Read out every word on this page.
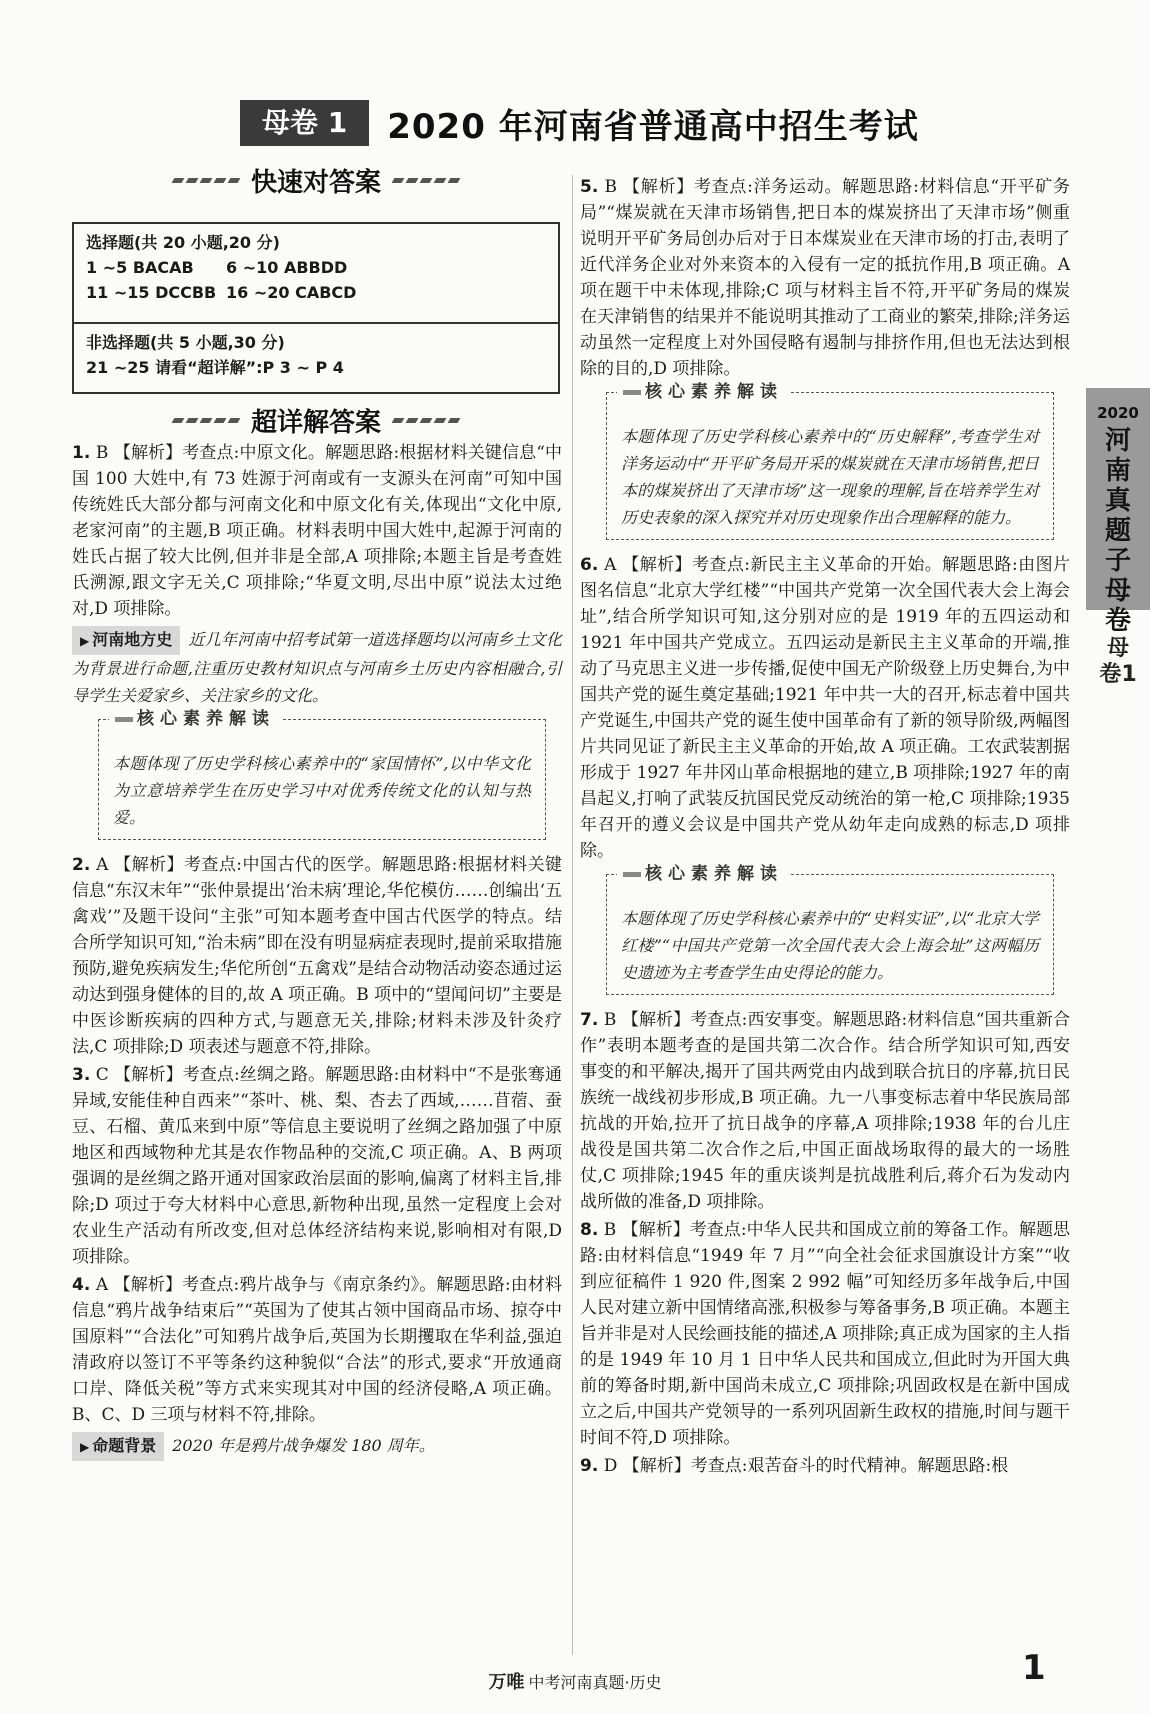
母卷 1	2020 年河南省普通高中招生考试
快速对答案
选择题(共 20 小题,20 分)
1 ~5 BACAB 6 ~10 ABBDD
11 ~15 DCCBB 16 ~20 CABCD
非选择题(共 5 小题,30 分)
21 ~25 请看“超详解”:P 3 ~ P 4
超详解答案
1. B 【解析】考查点:中原文化。解题思路:根据材料关键信息“中国 100 大姓中,有 73 姓源于河南或有一支源头在河南”可知中国传统姓氏大部分都与河南文化和中原文化有关,体现出“文化中原,老家河南”的主题,B 项正确。材料表明中国大姓中,起源于河南的姓氏占据了较大比例,但并非是全部,A 项排除;本题主旨是考查姓氏溯源,跟文字无关,C 项排除;“华夏文明,尽出中原”说法太过绝对,D 项排除。
▶ 河南地方史 近几年河南中招考试第一道选择题均以河南乡土文化为背景进行命题,注重历史教材知识点与河南乡土历史内容相融合,引导学生关爱家乡、关注家乡的文化。
核心素养解读
本题体现了历史学科核心素养中的“家国情怀”,以中华文化为立意培养学生在历史学习中对优秀传统文化的认知与热爱。
2. A 【解析】考查点:中国古代的医学。解题思路:根据材料关键信息“东汉末年”“张仲景提出‘治未病’理论,华佗模仿……创编出‘五禽戏’”及题干设问“主张”可知本题考查中国古代医学的特点。结合所学知识可知,“治未病”即在没有明显病症表现时,提前采取措施预防,避免疾病发生;华佗所创“五禽戏”是结合动物活动姿态通过运动达到强身健体的目的,故 A 项正确。B 项中的“望闻问切”主要是中医诊断疾病的四种方式,与题意无关,排除;材料未涉及针灸疗法,C 项排除;D 项表述与题意不符,排除。
3. C 【解析】考查点:丝绸之路。解题思路:由材料中“不是张骞通异域,安能佳种自西来”“茶叶、桃、梨、杏去了西域,……苜蓿、蚕豆、石榴、黄瓜来到中原”等信息主要说明了丝绸之路加强了中原地区和西域物种尤其是农作物品种的交流,C 项正确。A、B 两项强调的是丝绸之路开通对国家政治层面的影响,偏离了材料主旨,排除;D 项过于夸大材料中心意思,新物种出现,虽然一定程度上会对农业生产活动有所改变,但对总体经济结构来说,影响相对有限,D 项排除。
4. A 【解析】考查点:鸦片战争与《南京条约》。解题思路:由材料信息“鸦片战争结束后”“英国为了使其占领中国商品市场、掠夺中国原料”“合法化”可知鸦片战争后,英国为长期攫取在华利益,强迫清政府以签订不平等条约这种貌似“合法”的形式,要求“开放通商口岸、降低关税”等方式来实现其对中国的经济侵略,A 项正确。B、C、D 三项与材料不符,排除。
▶ 命题背景 2020 年是鸦片战争爆发 180 周年。
5. B 【解析】考查点:洋务运动。解题思路:材料信息“开平矿务局”“煤炭就在天津市场销售,把日本的煤炭挤出了天津市场”侧重说明开平矿务局创办后对于日本煤炭业在天津市场的打击,表明了近代洋务企业对外来资本的入侵有一定的抵抗作用,B 项正确。A 项在题干中未体现,排除;C 项与材料主旨不符,开平矿务局的煤炭在天津销售的结果并不能说明其推动了工商业的繁荣,排除;洋务运动虽然一定程度上对外国侵略有遏制与排挤作用,但也无法达到根除的目的,D 项排除。
核心素养解读
本题体现了历史学科核心素养中的“历史解释”,考查学生对洋务运动中“开平矿务局开采的煤炭就在天津市场销售,把日本的煤炭挤出了天津市场”这一现象的理解,旨在培养学生对历史表象的深入探究并对历史现象作出合理解释的能力。
6. A 【解析】考查点:新民主主义革命的开始。解题思路:由图片图名信息“北京大学红楼”“中国共产党第一次全国代表大会上海会址”,结合所学知识可知,这分别对应的是 1919 年的五四运动和 1921 年中国共产党成立。五四运动是新民主主义革命的开端,推动了马克思主义进一步传播,促使中国无产阶级登上历史舞台,为中国共产党的诞生奠定基础;1921 年中共一大的召开,标志着中国共产党诞生,中国共产党的诞生使中国革命有了新的领导阶级,两幅图片共同见证了新民主主义革命的开始,故 A 项正确。工农武装割据形成于 1927 年井冈山革命根据地的建立,B 项排除;1927 年的南昌起义,打响了武装反抗国民党反动统治的第一枪,C 项排除;1935 年召开的遵义会议是中国共产党从幼年走向成熟的标志,D 项排除。
核心素养解读
本题体现了历史学科核心素养中的“史料实证”,以“北京大学红楼”“中国共产党第一次全国代表大会上海会址”这两幅历史遗迹为主考查学生由史得论的能力。
7. B 【解析】考查点:西安事变。解题思路:材料信息“国共重新合作”表明本题考查的是国共第二次合作。结合所学知识可知,西安事变的和平解决,揭开了国共两党由内战到联合抗日的序幕,抗日民族统一战线初步形成,B 项正确。九一八事变标志着中华民族局部抗战的开始,拉开了抗日战争的序幕,A 项排除;1938 年的台儿庄战役是国共第二次合作之后,中国正面战场取得的最大的一场胜仗,C 项排除;1945 年的重庆谈判是抗战胜利后,蒋介石为发动内战所做的准备,D 项排除。
8. B 【解析】考查点:中华人民共和国成立前的筹备工作。解题思路:由材料信息“1949 年 7 月”“向全社会征求国旗设计方案”“收到应征稿件 1 920 件,图案 2 992 幅”可知经历多年战争后,中国人民对建立新中国情绪高涨,积极参与筹备事务,B 项正确。本题主旨并非是对人民绘画技能的描述,A 项排除;真正成为国家的主人指的是 1949 年 10 月 1 日中华人民共和国成立,但此时为开国大典前的筹备时期,新中国尚未成立,C 项排除;巩固政权是在新中国成立之后,中国共产党领导的一系列巩固新生政权的措施,时间与题干时间不符,D 项排除。
9. D 【解析】考查点:艰苦奋斗的时代精神。解题思路:根
2020
河南真题子母卷
母卷1
万唯 中考河南真题·历史	1
